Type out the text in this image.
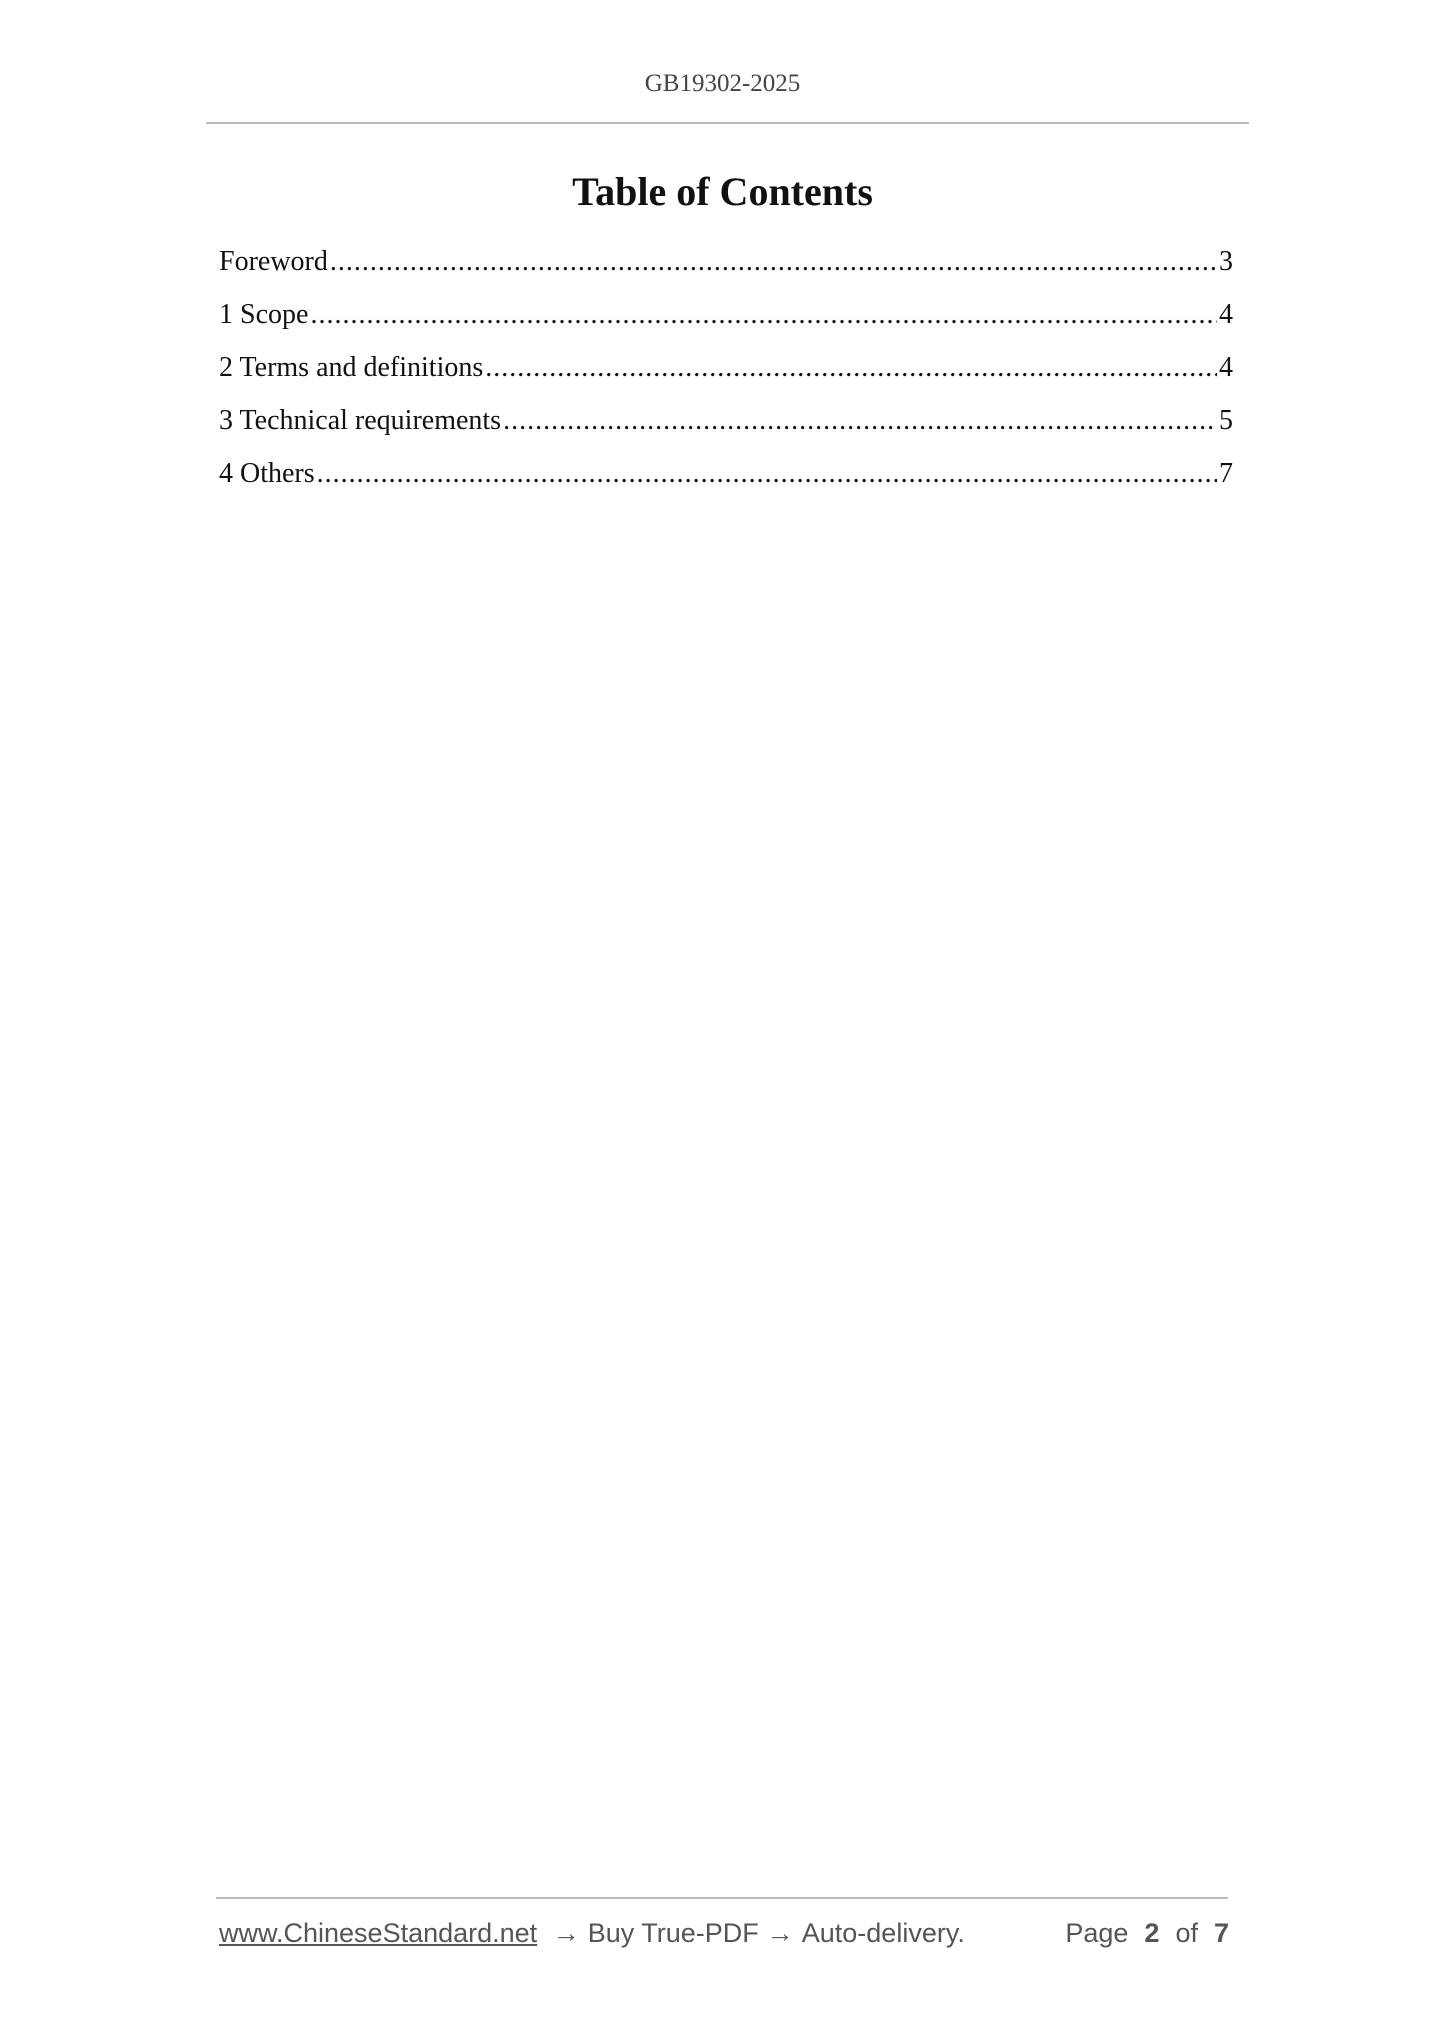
GB19302-2025
Table of Contents
Foreword .....	3
1 Scope .....	4
2 Terms and definitions .....	4
3 Technical requirements .....	5
4 Others .....	7
www.ChineseStandard.net → Buy True-PDF → Auto-delivery.	Page 2 of 7
